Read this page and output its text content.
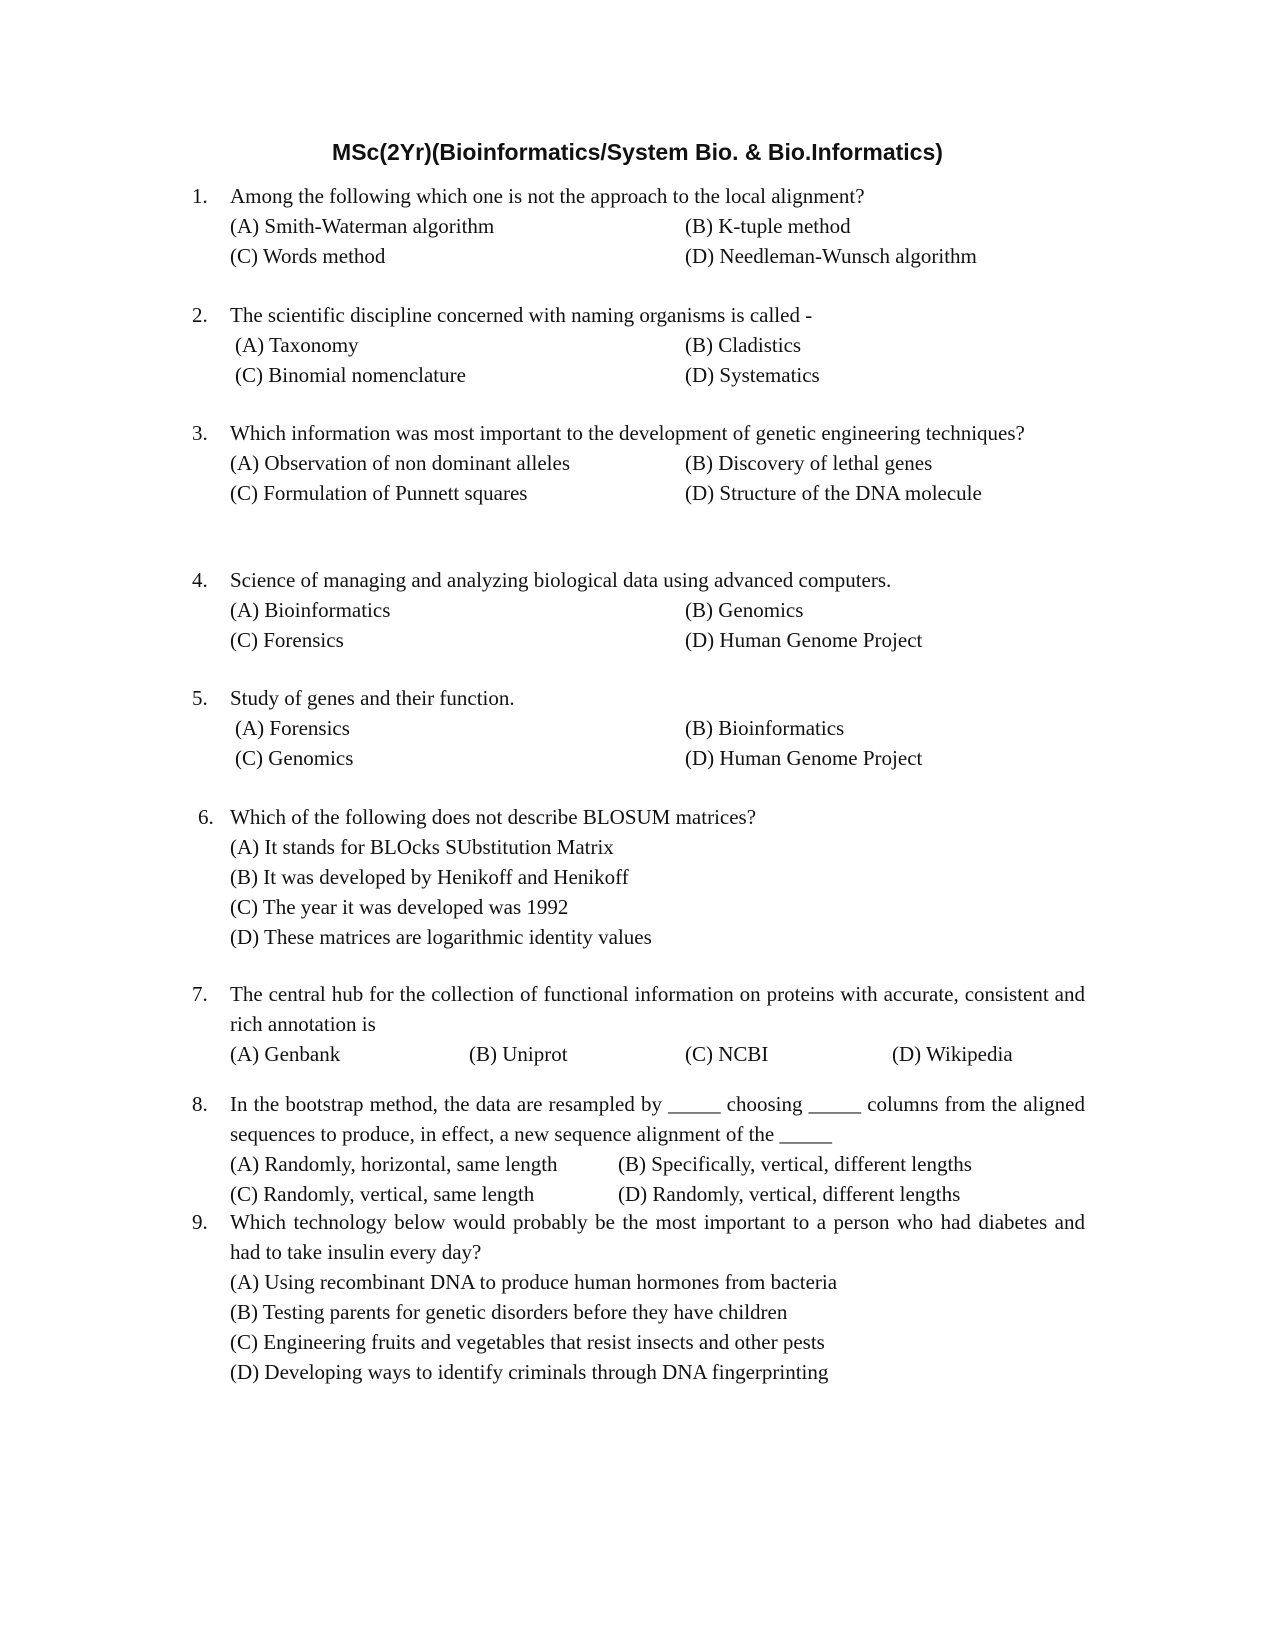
MSc(2Yr)(Bioinformatics/System Bio. & Bio.Informatics)
1. Among the following which one is not the approach to the local alignment?
(A) Smith-Waterman algorithm	(B) K-tuple method
(C) Words method	(D) Needleman-Wunsch algorithm
2. The scientific discipline concerned with naming organisms is called -
(A) Taxonomy	(B) Cladistics
(C) Binomial nomenclature	(D) Systematics
3. Which information was most important to the development of genetic engineering techniques?
(A) Observation of non dominant alleles	(B) Discovery of lethal genes
(C) Formulation of Punnett squares	(D) Structure of the DNA molecule
4. Science of managing and analyzing biological data using advanced computers.
(A) Bioinformatics	(B) Genomics
(C) Forensics	(D) Human Genome Project
5. Study of genes and their function.
(A) Forensics	(B) Bioinformatics
(C) Genomics	(D) Human Genome Project
6. Which of the following does not describe BLOSUM matrices?
(A) It stands for BLOcks SUbstitution Matrix
(B) It was developed by Henikoff and Henikoff
(C) The year it was developed was 1992
(D) These matrices are logarithmic identity values
7. The central hub for the collection of functional information on proteins with accurate, consistent and rich annotation is
(A) Genbank	(B) Uniprot	(C) NCBI	(D) Wikipedia
8. In the bootstrap method, the data are resampled by _____ choosing _____ columns from the aligned sequences to produce, in effect, a new sequence alignment of the _____
(A) Randomly, horizontal, same length	(B) Specifically, vertical, different lengths
(C) Randomly, vertical, same length	(D) Randomly, vertical, different lengths
9. Which technology below would probably be the most important to a person who had diabetes and had to take insulin every day?
(A) Using recombinant DNA to produce human hormones from bacteria
(B) Testing parents for genetic disorders before they have children
(C) Engineering fruits and vegetables that resist insects and other pests
(D) Developing ways to identify criminals through DNA fingerprinting
